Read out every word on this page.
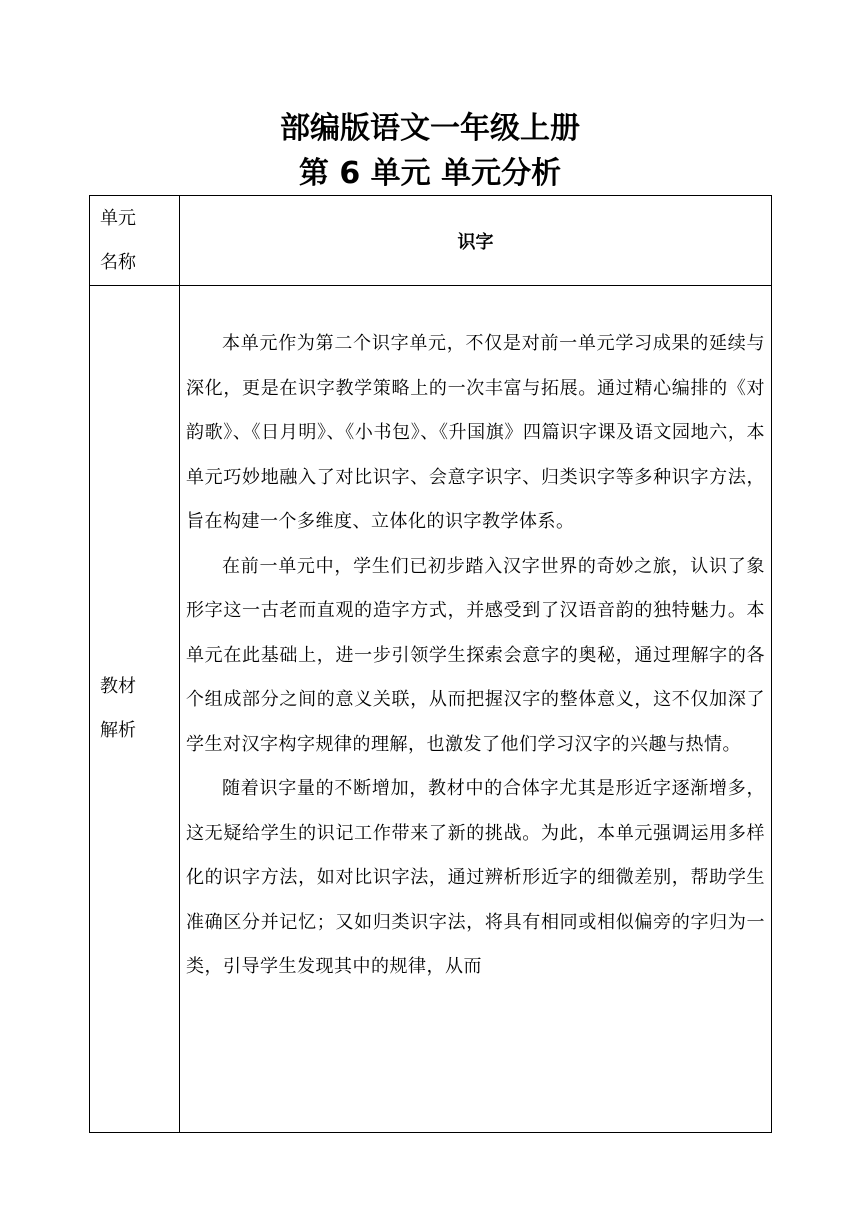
部编版语文一年级上册
第 6 单元 单元分析
单元名称	识字

教材解析	本单元作为第二个识字单元，不仅是对前一单元学习成果的延续与深化，更是在识字教学策略上的一次丰富与拓展。通过精心编排的《对韵歌》、《日月明》、《小书包》、《升国旗》四篇识字课及语文园地六，本单元巧妙地融入了对比识字、会意字识字、归类识字等多种识字方法，旨在构建一个多维度、立体化的识字教学体系。

在前一单元中，学生们已初步踏入汉字世界的奇妙之旅，认识了象形字这一古老而直观的造字方式，并感受到了汉语音韵的独特魅力。本单元在此基础上，进一步引领学生探索会意字的奥秘，通过理解字的各个组成部分之间的意义关联，从而把握汉字的整体意义，这不仅加深了学生对汉字构字规律的理解，也激发了他们学习汉字的兴趣与热情。

随着识字量的不断增加，教材中的合体字尤其是形近字逐渐增多，这无疑给学生的识记工作带来了新的挑战。为此，本单元强调运用多样化的识字方法，如对比识字法，通过辨析形近字的细微差别，帮助学生准确区分并记忆；又如归类识字法，将具有相同或相似偏旁的字归为一类，引导学生发现其中的规律，从而
